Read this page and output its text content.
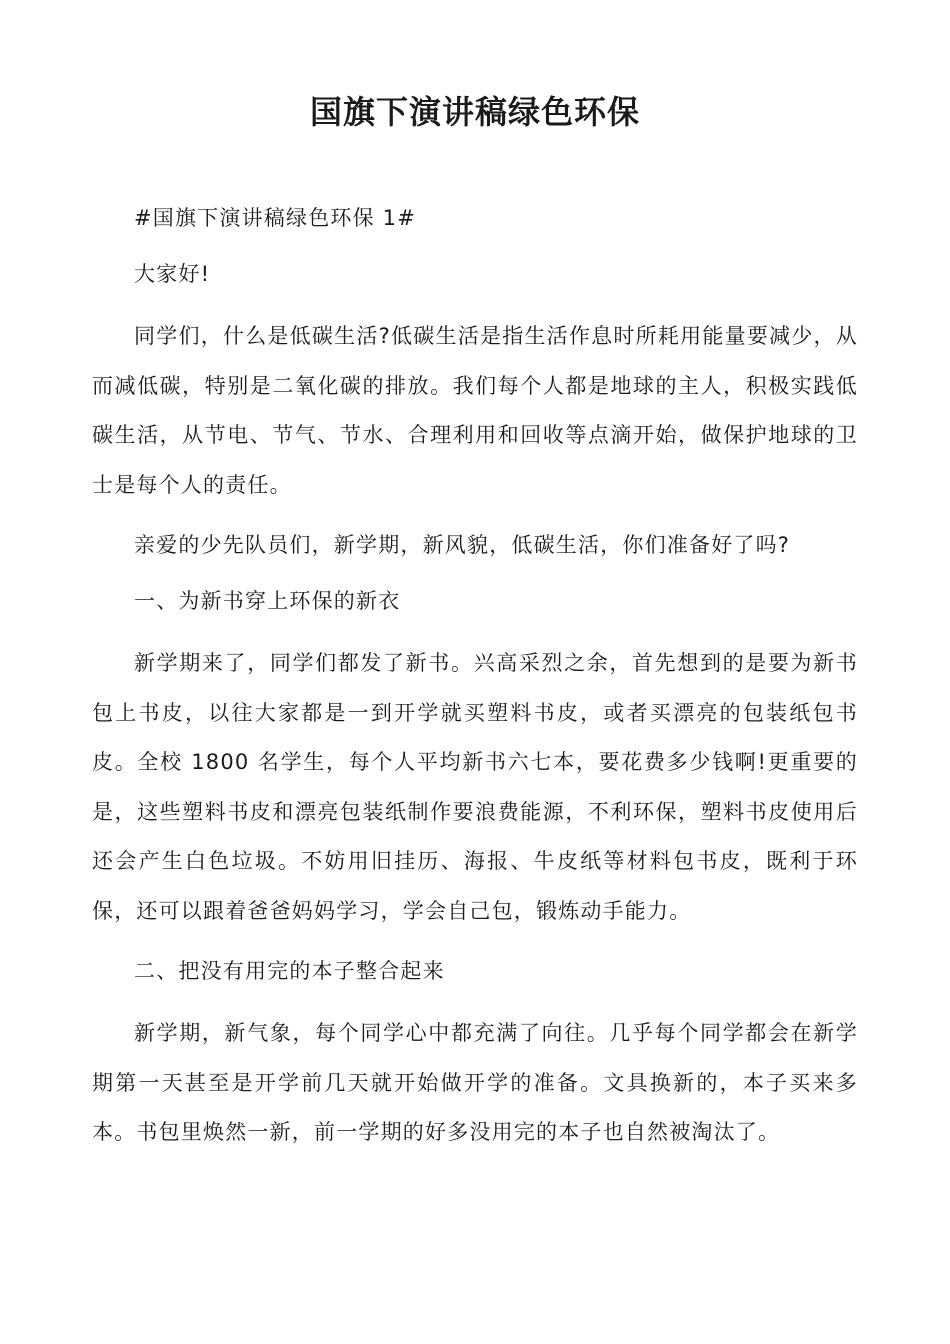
国旗下演讲稿绿色环保

#国旗下演讲稿绿色环保 1#

大家好!

同学们，什么是低碳生活?低碳生活是指生活作息时所耗用能量要减少，从而减低碳，特别是二氧化碳的排放。我们每个人都是地球的主人，积极实践低碳生活，从节电、节气、节水、合理利用和回收等点滴开始，做保护地球的卫士是每个人的责任。

亲爱的少先队员们，新学期，新风貌，低碳生活，你们准备好了吗?

一、为新书穿上环保的新衣

新学期来了，同学们都发了新书。兴高采烈之余，首先想到的是要为新书包上书皮，以往大家都是一到开学就买塑料书皮，或者买漂亮的包装纸包书皮。全校 1800 名学生，每个人平均新书六七本，要花费多少钱啊!更重要的是，这些塑料书皮和漂亮包装纸制作要浪费能源，不利环保，塑料书皮使用后还会产生白色垃圾。不妨用旧挂历、海报、牛皮纸等材料包书皮，既利于环保，还可以跟着爸爸妈妈学习，学会自己包，锻炼动手能力。

二、把没有用完的本子整合起来

新学期，新气象，每个同学心中都充满了向往。几乎每个同学都会在新学期第一天甚至是开学前几天就开始做开学的准备。文具换新的，本子买来多本。书包里焕然一新，前一学期的好多没用完的本子也自然被淘汰了。
